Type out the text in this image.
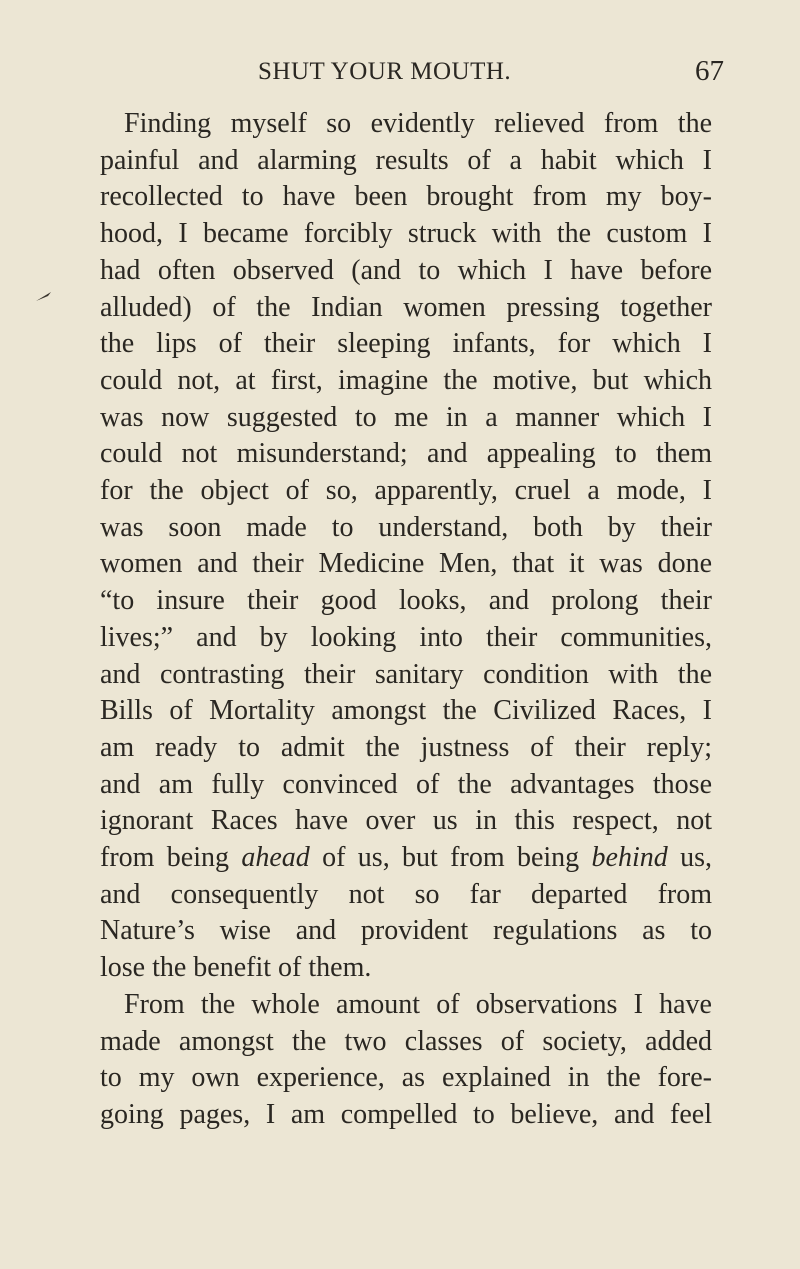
SHUT YOUR MOUTH.	67
Finding myself so evidently relieved from the
painful and alarming results of a habit which I
recollected to have been brought from my boy-
hood, I became forcibly struck with the custom I
had often observed (and to which I have before
alluded) of the Indian women pressing together
the lips of their sleeping infants, for which I
could not, at first, imagine the motive, but which
was now suggested to me in a manner which I
could not misunderstand; and appealing to them
for the object of so, apparently, cruel a mode, I
was soon made to understand, both by their
women and their Medicine Men, that it was done
“to insure their good looks, and prolong their
lives;” and by looking into their communities,
and contrasting their sanitary condition with the
Bills of Mortality amongst the Civilized Races, I
am ready to admit the justness of their reply;
and am fully convinced of the advantages those
ignorant Races have over us in this respect, not
from being ahead of us, but from being behind us,
and consequently not so far departed from
Nature’s wise and provident regulations as to
lose the benefit of them.
From the whole amount of observations I have
made amongst the two classes of society, added
to my own experience, as explained in the fore-
going pages, I am compelled to believe, and feel
